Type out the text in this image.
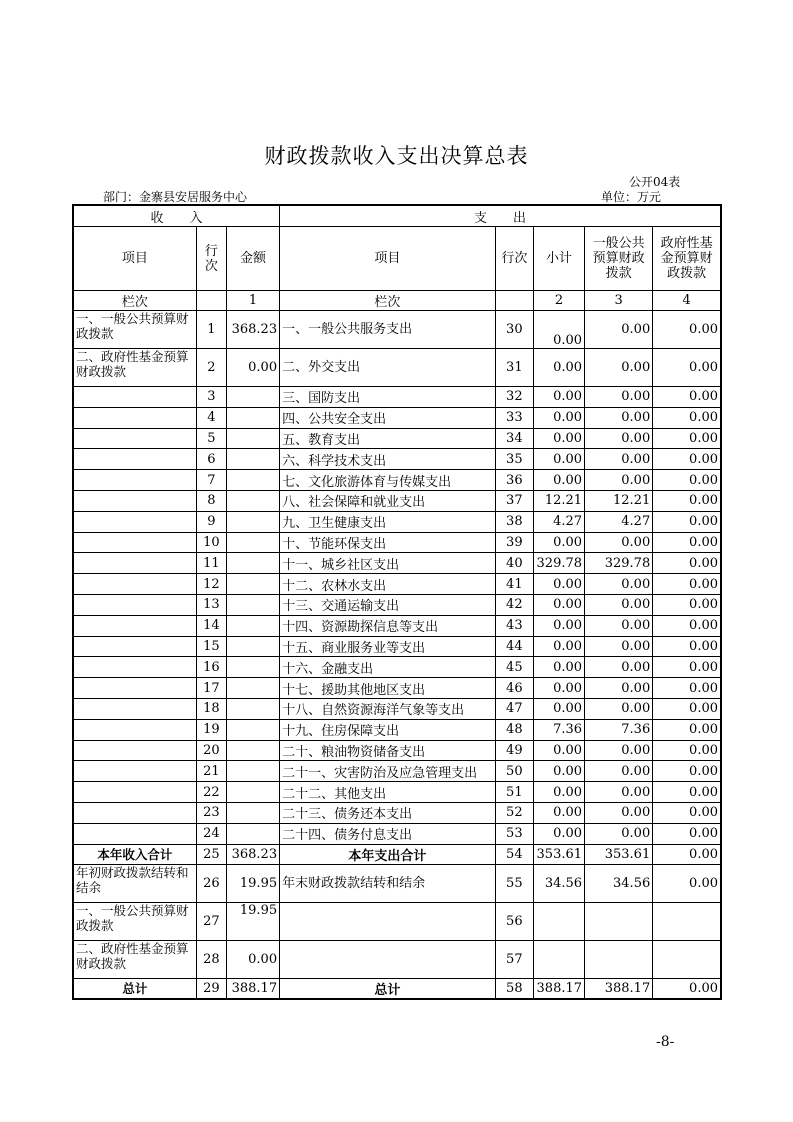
财政拨款收入支出决算总表
公开04表
部门：金寨县安居服务中心	单位：万元
收　　入			支　　出				
项目	行次	金额	项目	行次	小计	一般公共预算财政拨款	政府性基金预算财政拨款
栏次		1	栏次		2	3	4
一、一般公共预算财政拨款	1	368.23	一、一般公共服务支出	30	0.00	0.00	0.00
二、政府性基金预算财政拨款	2	0.00	二、外交支出	31	0.00	0.00	0.00
	3		三、国防支出	32	0.00	0.00	0.00
	4		四、公共安全支出	33	0.00	0.00	0.00
	5		五、教育支出	34	0.00	0.00	0.00
	6		六、科学技术支出	35	0.00	0.00	0.00
	7		七、文化旅游体育与传媒支出	36	0.00	0.00	0.00
	8		八、社会保障和就业支出	37	12.21	12.21	0.00
	9		九、卫生健康支出	38	4.27	4.27	0.00
	10		十、节能环保支出	39	0.00	0.00	0.00
	11		十一、城乡社区支出	40	329.78	329.78	0.00
	12		十二、农林水支出	41	0.00	0.00	0.00
	13		十三、交通运输支出	42	0.00	0.00	0.00
	14		十四、资源勘探信息等支出	43	0.00	0.00	0.00
	15		十五、商业服务业等支出	44	0.00	0.00	0.00
	16		十六、金融支出	45	0.00	0.00	0.00
	17		十七、援助其他地区支出	46	0.00	0.00	0.00
	18		十八、自然资源海洋气象等支出	47	0.00	0.00	0.00
	19		十九、住房保障支出	48	7.36	7.36	0.00
	20		二十、粮油物资储备支出	49	0.00	0.00	0.00
	21		二十一、灾害防治及应急管理支出	50	0.00	0.00	0.00
	22		二十二、其他支出	51	0.00	0.00	0.00
	23		二十三、债务还本支出	52	0.00	0.00	0.00
	24		二十四、债务付息支出	53	0.00	0.00	0.00
本年收入合计	25	368.23	本年支出合计	54	353.61	353.61	0.00
年初财政拨款结转和结余	26	19.95	年末财政拨款结转和结余	55	34.56	34.56	0.00
一、一般公共预算财政拨款	27	19.95		56			
二、政府性基金预算财政拨款	28	0.00		57			
总计	29	388.17	总计	58	388.17	388.17	0.00
-8-
